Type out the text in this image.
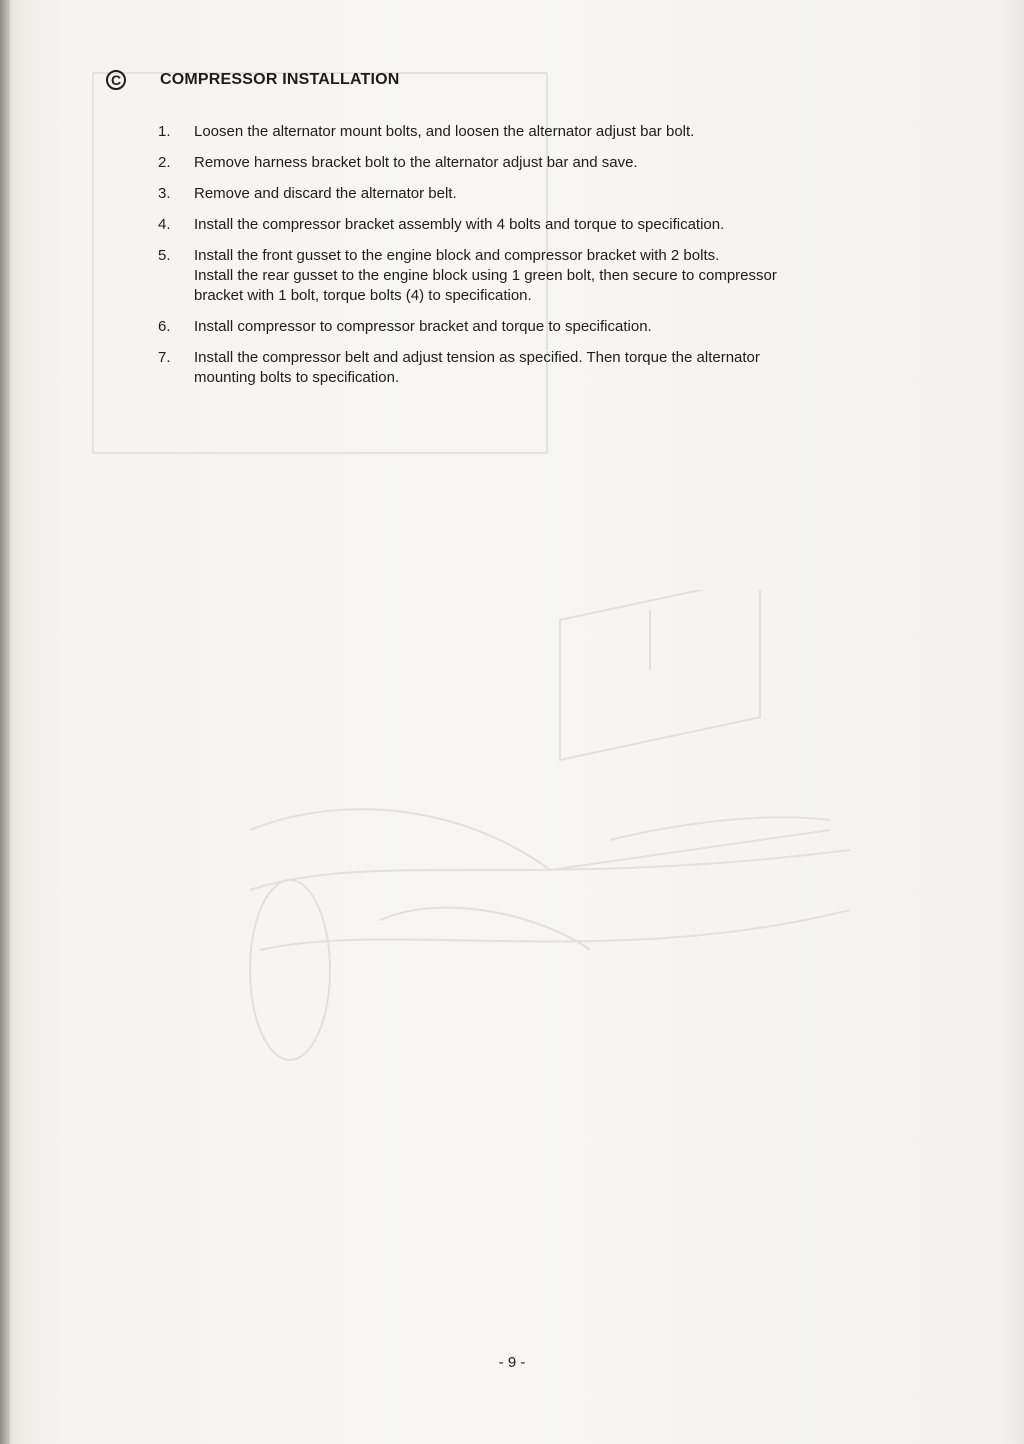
C	COMPRESSOR INSTALLATION
1.	Loosen the alternator mount bolts, and loosen the alternator adjust bar bolt.
2.	Remove harness bracket bolt to the alternator adjust bar and save.
3.	Remove and discard the alternator belt.
4.	Install the compressor bracket assembly with 4 bolts and torque to specification.
5.	Install the front gusset to the engine block and compressor bracket with 2 bolts.
Install the rear gusset to the engine block using 1 green bolt, then secure to compressor
bracket with 1 bolt, torque bolts (4) to specification.
6.	Install compressor to compressor bracket and torque to specification.
7.	Install the compressor belt and adjust tension as specified. Then torque the alternator
mounting bolts to specification.
- 9 -
